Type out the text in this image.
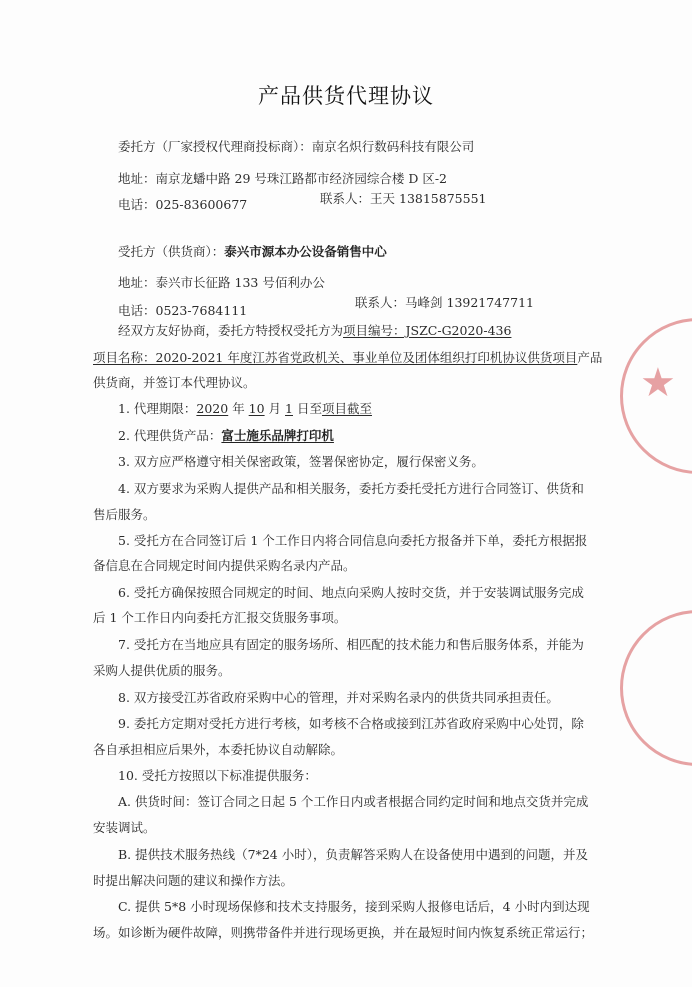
产品供货代理协议
委托方（厂家授权代理商投标商）：南京名炽行数码科技有限公司
地址：南京龙蟠中路 29 号珠江路都市经济园综合楼 D 区-2
电话：025-83600677	联系人：王天 13815875551
受托方（供货商）：泰兴市源本办公设备销售中心
地址：泰兴市长征路 133 号佰利办公
电话：0523-7684111
联系人：马峰剑 13921747711
经双方友好协商，委托方特授权受托方为项目编号：JSZC-G2020-436
项目名称：2020-2021 年度江苏省党政机关、事业单位及团体组织打印机协议供货项目产品
供货商，并签订本代理协议。
1. 代理期限：2020 年 10 月 1 日至项目截至
2. 代理供货产品：富士施乐品牌打印机
3. 双方应严格遵守相关保密政策，签署保密协定，履行保密义务。
4. 双方要求为采购人提供产品和相关服务，委托方委托受托方进行合同签订、供货和
售后服务。
5. 受托方在合同签订后 1 个工作日内将合同信息向委托方报备并下单，委托方根据报
备信息在合同规定时间内提供采购名录内产品。
6. 受托方确保按照合同规定的时间、地点向采购人按时交货，并于安装调试服务完成
后 1 个工作日内向委托方汇报交货服务事项。
7. 受托方在当地应具有固定的服务场所、相匹配的技术能力和售后服务体系，并能为
采购人提供优质的服务。
8. 双方接受江苏省政府采购中心的管理，并对采购名录内的供货共同承担责任。
9. 委托方定期对受托方进行考核，如考核不合格或接到江苏省政府采购中心处罚，除
各自承担相应后果外，本委托协议自动解除。
10. 受托方按照以下标准提供服务：
A. 供货时间：签订合同之日起 5 个工作日内或者根据合同约定时间和地点交货并完成
安装调试。
B. 提供技术服务热线（7*24 小时），负责解答采购人在设备使用中遇到的问题，并及
时提出解决问题的建议和操作方法。
C. 提供 5*8 小时现场保修和技术支持服务，接到采购人报修电话后，4 小时内到达现
场。如诊断为硬件故障，则携带备件并进行现场更换，并在最短时间内恢复系统正常运行；
★
